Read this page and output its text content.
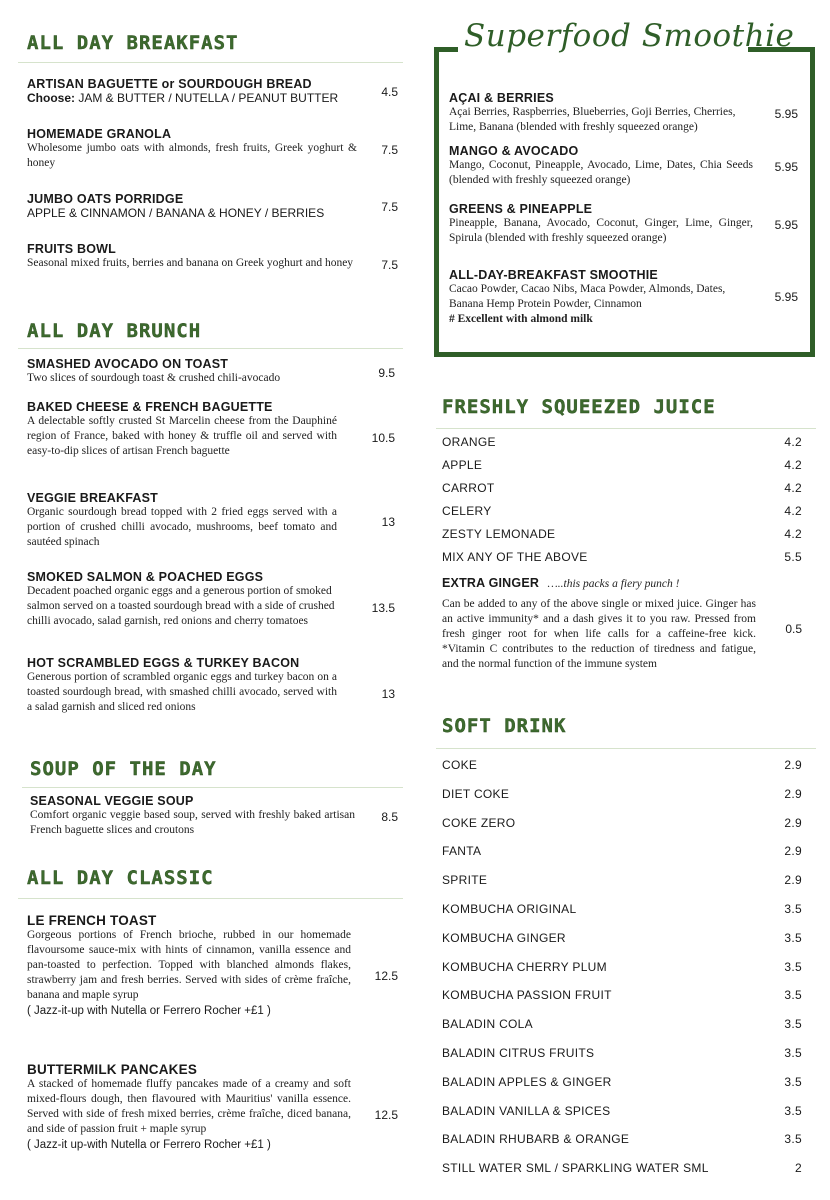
ALL DAY BREAKFAST
ARTISAN BAGUETTE or SOURDOUGH BREAD
Choose: JAM & BUTTER / NUTELLA / PEANUT BUTTER	4.5
HOMEMADE GRANOLA
Wholesome jumbo oats with almonds, fresh fruits, Greek yoghurt & honey
7.5
JUMBO OATS PORRIDGE
APPLE & CINNAMON / BANANA & HONEY / BERRIES	7.5
FRUITS BOWL
Seasonal mixed fruits, berries and banana on Greek yoghurt and honey	7.5
ALL DAY BRUNCH
SMASHED AVOCADO ON TOAST
Two slices of sourdough toast & crushed chili-avocado	9.5
BAKED CHEESE & FRENCH BAGUETTE
A delectable softly crusted St Marcelin cheese from the Dauphiné region of France, baked with honey & truffle oil and served with easy-to-dip slices of artisan French baguette
10.5
VEGGIE BREAKFAST
Organic sourdough bread topped with 2 fried eggs served with a portion of crushed chilli avocado, mushrooms, beef tomato and sautéed spinach
13
SMOKED SALMON & POACHED EGGS
Decadent poached organic eggs and a generous portion of smoked salmon served on a toasted sourdough bread with a side of crushed chilli avocado, salad garnish, red onions and cherry tomatoes
13.5
HOT SCRAMBLED EGGS & TURKEY BACON
Generous portion of scrambled organic eggs and turkey bacon on a toasted sourdough bread, with smashed chilli avocado, served with a salad garnish and sliced red onions
13
SOUP OF THE DAY
SEASONAL VEGGIE SOUP
Comfort organic veggie based soup, served with freshly baked artisan French baguette slices and croutons
8.5
ALL DAY CLASSIC
LE FRENCH TOAST
Gorgeous portions of French brioche, rubbed in our homemade flavoursome sauce-mix with hints of cinnamon, vanilla essence and pan-toasted to perfection. Topped with blanched almonds flakes, strawberry jam and fresh berries. Served with sides of crème fraîche, banana and maple syrup
( Jazz-it-up with Nutella or Ferrero Rocher +£1 )
12.5
BUTTERMILK PANCAKES
A stacked of homemade fluffy pancakes made of a creamy and soft mixed-flours dough, then flavoured with Mauritius' vanilla essence. Served with side of fresh mixed berries, crème fraîche, diced banana, and side of passion fruit + maple syrup
( Jazz-it up-with Nutella or Ferrero Rocher +£1 )
12.5
Superfood Smoothie
AÇAI & BERRIES
Açai Berries, Raspberries, Blueberries, Goji Berries, Cherries, Lime, Banana (blended with freshly squeezed orange)
5.95
MANGO & AVOCADO
Mango, Coconut, Pineapple, Avocado, Lime, Dates, Chia Seeds (blended with freshly squeezed orange)
5.95
GREENS & PINEAPPLE
Pineapple, Banana, Avocado, Coconut, Ginger, Lime, Ginger, Spirula (blended with freshly squeezed orange)
5.95
ALL-DAY-BREAKFAST SMOOTHIE
Cacao Powder, Cacao Nibs, Maca Powder, Almonds, Dates, Banana Hemp Protein Powder, Cinnamon
# Excellent with almond milk
5.95
FRESHLY SQUEEZED JUICE
ORANGE	4.2
APPLE	4.2
CARROT	4.2
CELERY	4.2
ZESTY LEMONADE	4.2
MIX ANY OF THE ABOVE	5.5
EXTRA GINGER …..this packs a fiery punch !
Can be added to any of the above single or mixed juice. Ginger has an active immunity* and a dash gives it to you raw. Pressed from fresh ginger root for when life calls for a caffeine-free kick. *Vitamin C contributes to the reduction of tiredness and fatigue, and the normal function of the immune system
0.5
SOFT DRINK
COKE	2.9
DIET COKE	2.9
COKE ZERO	2.9
FANTA	2.9
SPRITE	2.9
KOMBUCHA ORIGINAL	3.5
KOMBUCHA GINGER	3.5
KOMBUCHA CHERRY PLUM	3.5
KOMBUCHA PASSION FRUIT	3.5
BALADIN COLA	3.5
BALADIN CITRUS FRUITS	3.5
BALADIN APPLES & GINGER	3.5
BALADIN VANILLA & SPICES	3.5
BALADIN RHUBARB & ORANGE	3.5
STILL WATER SML / SPARKLING WATER SML	2
